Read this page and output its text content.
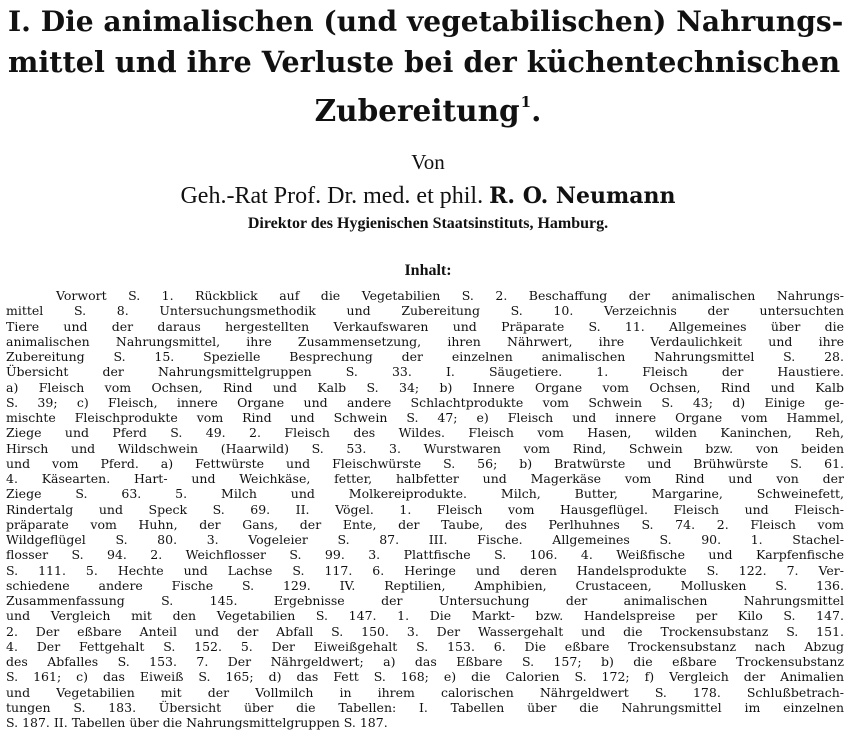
I. Die animalischen (und vegetabilischen) Nahrungs-
mittel und ihre Verluste bei der küchentechnischen
Zubereitung$^1$.
Von
Geh.-Rat Prof. Dr. med. et phil. R. O. Neumann
Direktor des Hygienischen Staatsinstituts, Hamburg.
Inhalt:
Vorwort S. 1. Rückblick auf die Vegetabilien S. 2. Beschaffung der animalischen Nahrungs-
mittel S. 8. Untersuchungsmethodik und Zubereitung S. 10. Verzeichnis der untersuchten
Tiere und der daraus hergestellten Verkaufswaren und Präparate S. 11. Allgemeines über die
animalischen Nahrungsmittel, ihre Zusammensetzung, ihren Nährwert, ihre Verdaulichkeit und ihre
Zubereitung S. 15. Spezielle Besprechung der einzelnen animalischen Nahrungsmittel S. 28.
Übersicht der Nahrungsmittelgruppen S. 33. I. Säugetiere. 1. Fleisch der Haustiere.
a) Fleisch vom Ochsen, Rind und Kalb S. 34; b) Innere Organe vom Ochsen, Rind und Kalb
S. 39; c) Fleisch, innere Organe und andere Schlachtprodukte vom Schwein S. 43; d) Einige ge-
mischte Fleischprodukte vom Rind und Schwein S. 47; e) Fleisch und innere Organe vom Hammel,
Ziege und Pferd S. 49. 2. Fleisch des Wildes. Fleisch vom Hasen, wilden Kaninchen, Reh,
Hirsch und Wildschwein (Haarwild) S. 53. 3. Wurstwaren vom Rind, Schwein bzw. von beiden
und vom Pferd. a) Fettwürste und Fleischwürste S. 56; b) Bratwürste und Brühwürste S. 61.
4. Käsearten. Hart- und Weichkäse, fetter, halbfetter und Magerkäse vom Rind und von der
Ziege S. 63. 5. Milch und Molkereiprodukte. Milch, Butter, Margarine, Schweinefett,
Rindertalg und Speck S. 69. II. Vögel. 1. Fleisch vom Hausgeflügel. Fleisch und Fleisch-
präparate vom Huhn, der Gans, der Ente, der Taube, des Perlhuhnes S. 74. 2. Fleisch vom
Wildgeflügel S. 80. 3. Vogeleier S. 87. III. Fische. Allgemeines S. 90. 1. Stachel-
flosser S. 94. 2. Weichflosser S. 99. 3. Plattfische S. 106. 4. Weißfische und Karpfenfische
S. 111. 5. Hechte und Lachse S. 117. 6. Heringe und deren Handelsprodukte S. 122. 7. Ver-
schiedene andere Fische S. 129. IV. Reptilien, Amphibien, Crustaceen, Mollusken S. 136.
Zusammenfassung S. 145. Ergebnisse der Untersuchung der animalischen Nahrungsmittel
und Vergleich mit den Vegetabilien S. 147. 1. Die Markt- bzw. Handelspreise per Kilo S. 147.
2. Der eßbare Anteil und der Abfall S. 150. 3. Der Wassergehalt und die Trockensubstanz S. 151.
4. Der Fettgehalt S. 152. 5. Der Eiweißgehalt S. 153. 6. Die eßbare Trockensubstanz nach Abzug
des Abfalles S. 153. 7. Der Nährgeldwert; a) das Eßbare S. 157; b) die eßbare Trockensubstanz
S. 161; c) das Eiweiß S. 165; d) das Fett S. 168; e) die Calorien S. 172; f) Vergleich der Animalien
und Vegetabilien mit der Vollmilch in ihrem calorischen Nährgeldwert S. 178. Schlußbetrach-
tungen S. 183. Übersicht über die Tabellen: I. Tabellen über die Nahrungsmittel im einzelnen
S. 187. II. Tabellen über die Nahrungsmittelgruppen S. 187.
